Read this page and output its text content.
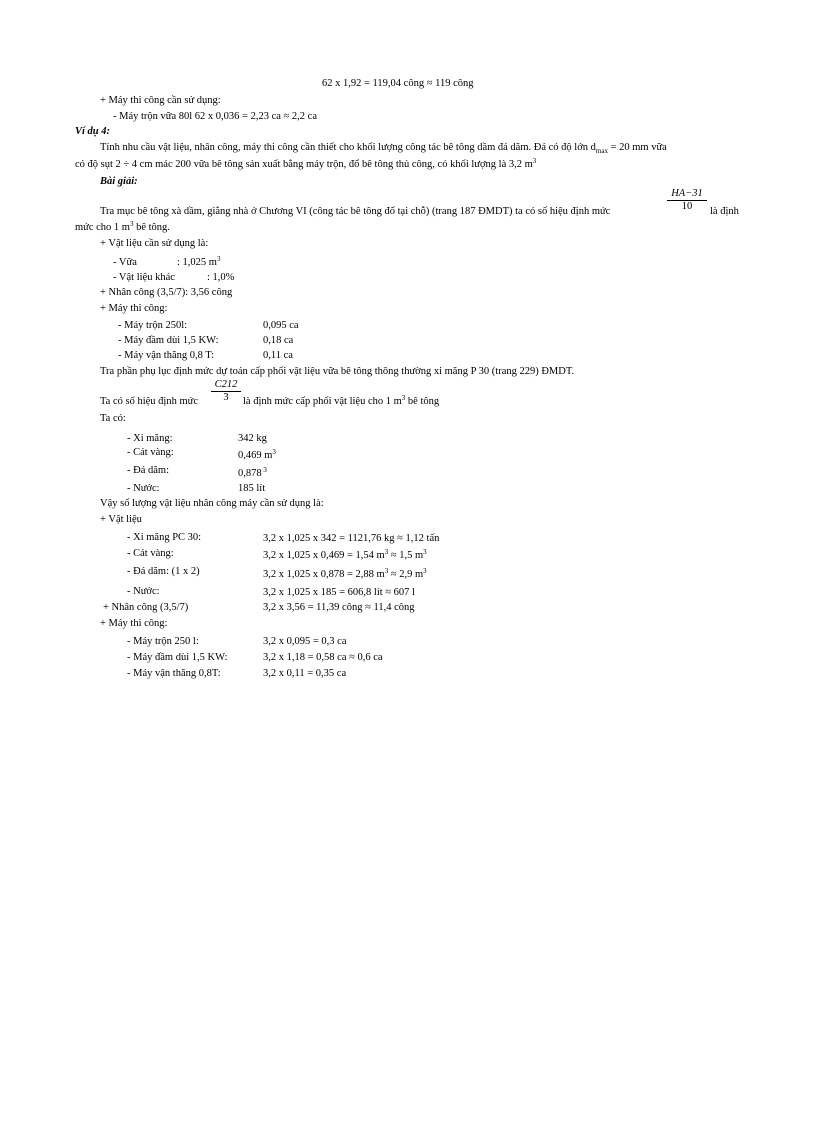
62 x 1,92 = 119,04 công ≈ 119 công
+ Máy thi công cần sử dụng:
- Máy trộn vữa 80l 62 x 0,036 = 2,23 ca ≈ 2,2 ca
Ví dụ 4:
Tính nhu cầu vật liệu, nhân công, máy thi công cần thiết cho khối lượng công tác bê tông dầm đá dăm. Đá có độ lớn $d_{max} = 20$ mm vữa
có độ sụt 2 ÷ 4 cm mác 200 vữa bê tông sản xuất bằng máy trộn, đổ bê tông thủ công, có khối lượng là 3,2 $m^3$
Bài giải:
Tra mục bê tông xà dầm, giằng nhà ở Chương VI (công tác bê tông đổ tại chỗ) (trang 187 ĐMDT) ta có số hiệu định mức
HA−31
10	là định
mức cho 1 $m^3$ bê tông.
+ Vật liệu cần sử dụng là:
- Vữa	: 1,025 $m^3$
- Vật liệu khác	: 1,0%
+ Nhân công (3,5/7): 3,56 công
+ Máy thi công:
- Máy trộn 250l:	0,095 ca
- Máy đầm dùi 1,5 KW:	0,18 ca
- Máy vận thăng 0,8 T:	0,11 ca
Tra phần phụ lục định mức dự toán cấp phối vật liệu vữa bê tông thông thường xi măng P 30 (trang 229) ĐMDT.
Ta có số hiệu định mức
C212
3	là định mức cấp phối vật liệu cho 1 $m^3$ bê tông
Ta có:
- Xi măng:	342 kg
- Cát vàng:	0,469 $m^3$
- Đá dăm:	0,878 $^3$
- Nước:	185 lít
Vậy số lượng vật liệu nhân công máy cần sử dụng là:
+ Vật liệu
- Xi măng PC 30:	3,2 x 1,025 x 342 = 1121,76 kg ≈ 1,12 tấn
- Cát vàng:	3,2 x 1,025 x 0,469 = 1,54 $m^3 \approx 1,5$ $m^3$
- Đá dăm: (1 x 2)	3,2 x 1,025 x 0,878 = 2,88 $m^3 \approx 2,9$ $m^3$
- Nước:	3,2 x 1,025 x 185 = 606,8 lít ≈ 607 l
+ Nhân công (3,5/7)	3,2 x 3,56 = 11,39 công ≈ 11,4 công
+ Máy thi công:
- Máy trộn 250 l:	3,2 x 0,095 = 0,3 ca
- Máy đầm dùi 1,5 KW:	3,2 x 1,18 = 0,58 ca ≈ 0,6 ca
- Máy vận thăng 0,8T:	3,2 x 0,11 = 0,35 ca
